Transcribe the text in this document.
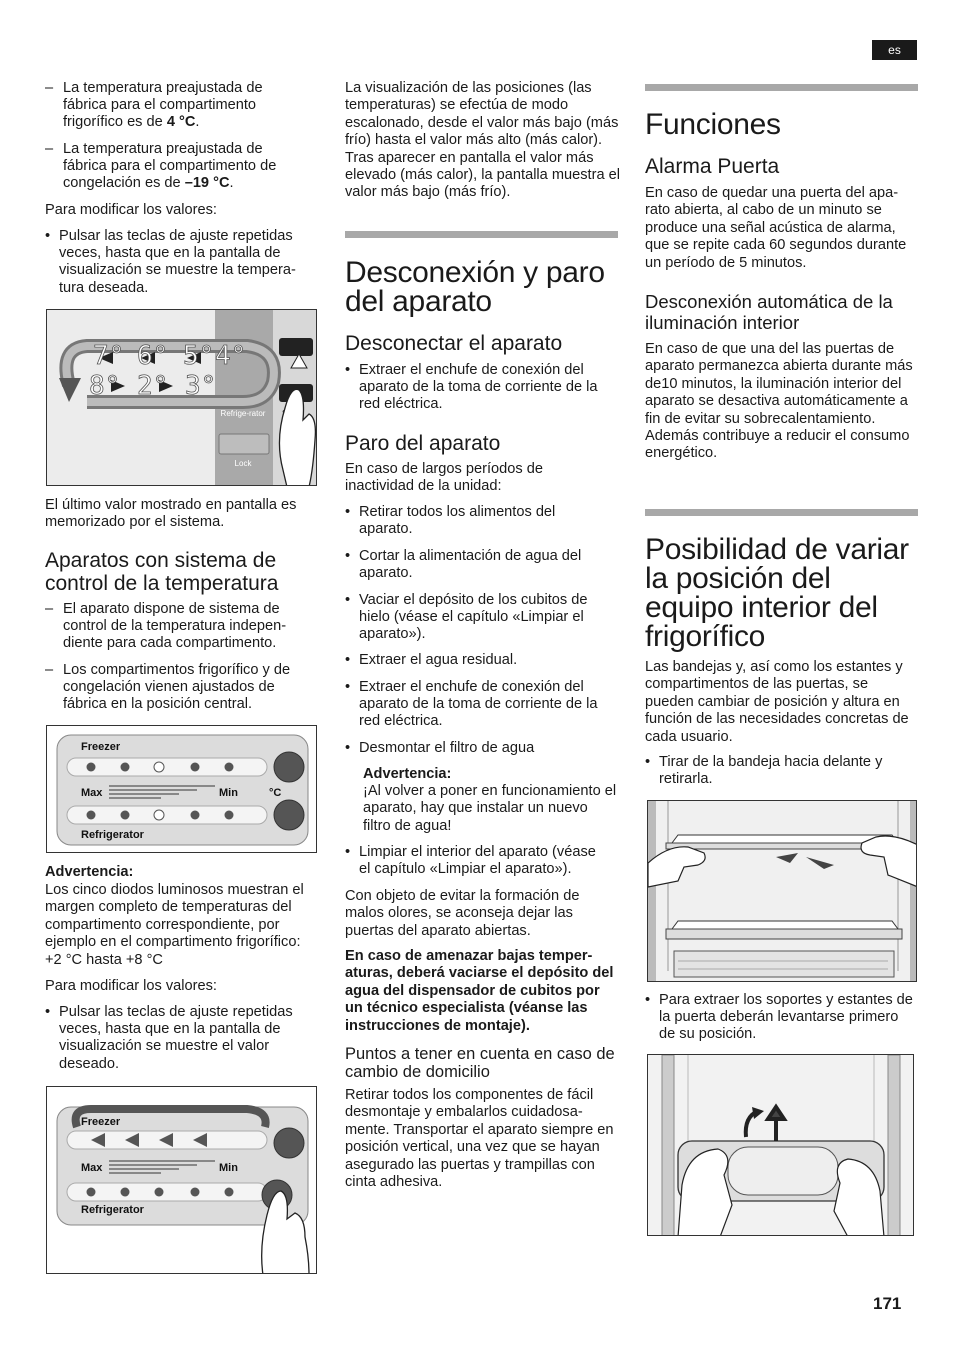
es
– La temperatura preajustada de fábrica para el compartimento frigorífico es de 4 °C.
– La temperatura preajustada de fábrica para el compartimento de congelación es de –19 °C.
Para modificar los valores:
• Pulsar las teclas de ajuste repetidas veces, hasta que en la pantalla de visualización se muestre la temperatura deseada.
Refrige-rator
Lock
7° 6° 5° 4°
8° 2° 3°
El último valor mostrado en pantalla es memorizado por el sistema.
Aparatos con sistema de control de la temperatura
– El aparato dispone de sistema de control de la temperatura independiente para cada compartimento.
– Los compartimentos frigorífico y de congelación vienen ajustados de fábrica en la posición central.
Freezer
Max	Min	°C
Refrigerator
Advertencia:
Los cinco diodos luminosos muestran el margen completo de temperaturas del compartimento correspondiente, por ejemplo en el compartimento frigorífico: +2 °C hasta +8 °C
Para modificar los valores:
• Pulsar las teclas de ajuste repetidas veces, hasta que en la pantalla de visualización se muestre el valor deseado.
Freezer
Max	Min
Refrigerator
La visualización de las posiciones (las temperaturas) se efectúa de modo escalonado, desde el valor más bajo (más frío) hasta el valor más alto (más calor). Tras aparecer en pantalla el valor más elevado (más calor), la pantalla muestra el valor más bajo (más frío).
Desconexión y paro del aparato
Desconectar el aparato
• Extraer el enchufe de conexión del aparato de la toma de corriente de la red eléctrica.
Paro del aparato
En caso de largos períodos de inactividad de la unidad:
• Retirar todos los alimentos del aparato.
• Cortar la alimentación de agua del aparato.
• Vaciar el depósito de los cubitos de hielo (véase el capítulo «Limpiar el aparato»).
• Extraer el agua residual.
• Extraer el enchufe de conexión del aparato de la toma de corriente de la red eléctrica.
• Desmontar el filtro de agua
Advertencia:
¡Al volver a poner en funcionamiento el aparato, hay que instalar un nuevo filtro de agua!
• Limpiar el interior del aparato (véase el capítulo «Limpiar el aparato»).
Con objeto de evitar la formación de malos olores, se aconseja dejar las puertas del aparato abiertas.
En caso de amenazar bajas temperaturas, deberá vaciarse el depósito del agua del dispensador de cubitos por un técnico especialista (véanse las instrucciones de montaje).
Puntos a tener en cuenta en caso de cambio de domicilio
Retirar todos los componentes de fácil desmontaje y embalarlos cuidadosamente. Transportar el aparato siempre en posición vertical, una vez que se hayan asegurado las puertas y trampillas con cinta adhesiva.
Funciones
Alarma Puerta
En caso de quedar una puerta del aparato abierta, al cabo de un minuto se produce una señal acústica de alarma, que se repite cada 60 segundos durante un período de 5 minutos.
Desconexión automática de la iluminación interior
En caso de que una del las puertas de aparato permanezca abierta durante más de10 minutos, la iluminación interior del aparato se desactiva automáticamente a fin de evitar su sobrecalentamiento. Además contribuye a reducir el consumo energético.
Posibilidad de variar la posición del equipo interior del frigorífico
Las bandejas y, así como los estantes y compartimentos de las puertas, se pueden cambiar de posición y altura en función de las necesidades concretas de cada usuario.
• Tirar de la bandeja hacia delante y retirarla.
• Para extraer los soportes y estantes de la puerta deberán levantarse primero de su posición.
171
